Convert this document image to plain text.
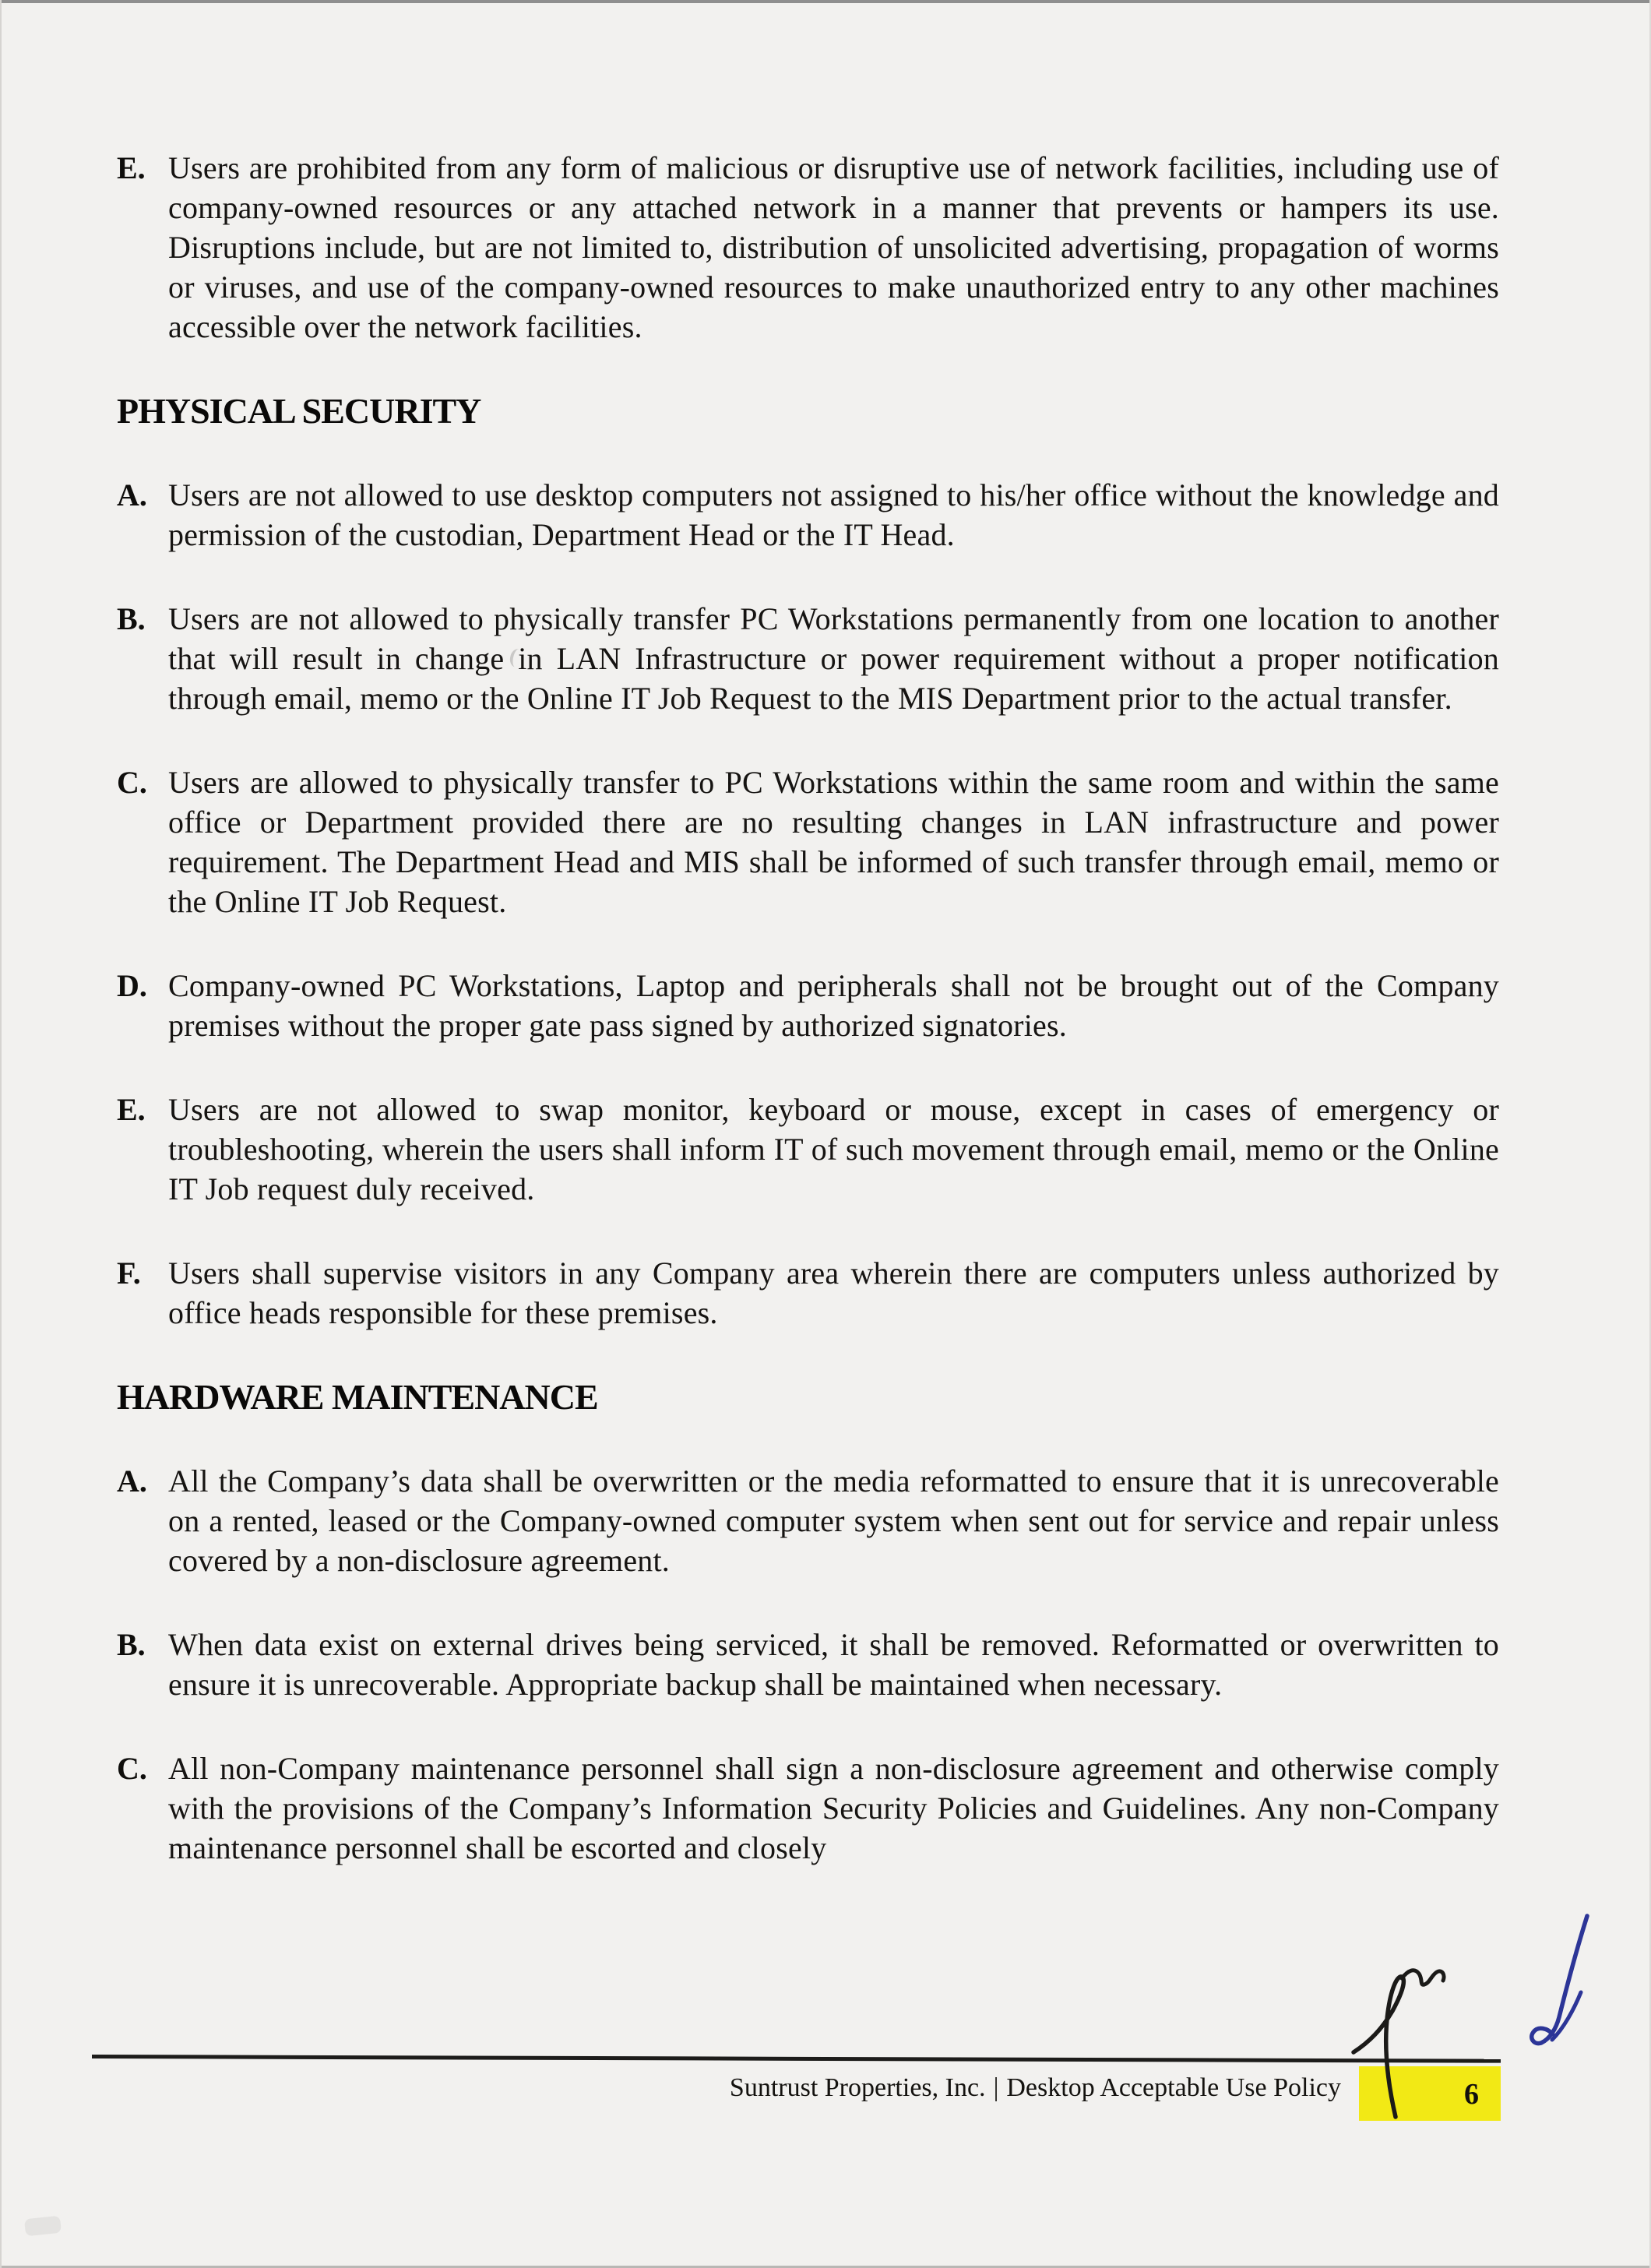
E. Users are prohibited from any form of malicious or disruptive use of network facilities, including use of company-owned resources or any attached network in a manner that prevents or hampers its use. Disruptions include, but are not limited to, distribution of unsolicited advertising, propagation of worms or viruses, and use of the company-owned resources to make unauthorized entry to any other machines accessible over the network facilities.
PHYSICAL SECURITY
A. Users are not allowed to use desktop computers not assigned to his/her office without the knowledge and permission of the custodian, Department Head or the IT Head.
B. Users are not allowed to physically transfer PC Workstations permanently from one location to another that will result in change in LAN Infrastructure or power requirement without a proper notification through email, memo or the Online IT Job Request to the MIS Department prior to the actual transfer.
C. Users are allowed to physically transfer to PC Workstations within the same room and within the same office or Department provided there are no resulting changes in LAN infrastructure and power requirement. The Department Head and MIS shall be informed of such transfer through email, memo or the Online IT Job Request.
D. Company-owned PC Workstations, Laptop and peripherals shall not be brought out of the Company premises without the proper gate pass signed by authorized signatories.
E. Users are not allowed to swap monitor, keyboard or mouse, except in cases of emergency or troubleshooting, wherein the users shall inform IT of such movement through email, memo or the Online IT Job request duly received.
F. Users shall supervise visitors in any Company area wherein there are computers unless authorized by office heads responsible for these premises.
HARDWARE MAINTENANCE
A. All the Company’s data shall be overwritten or the media reformatted to ensure that it is unrecoverable on a rented, leased or the Company-owned computer system when sent out for service and repair unless covered by a non-disclosure agreement.
B. When data exist on external drives being serviced, it shall be removed. Reformatted or overwritten to ensure it is unrecoverable. Appropriate backup shall be maintained when necessary.
C. All non-Company maintenance personnel shall sign a non-disclosure agreement and otherwise comply with the provisions of the Company’s Information Security Policies and Guidelines. Any non-Company maintenance personnel shall be escorted and closely
Suntrust Properties, Inc. | Desktop Acceptable Use Policy	6
